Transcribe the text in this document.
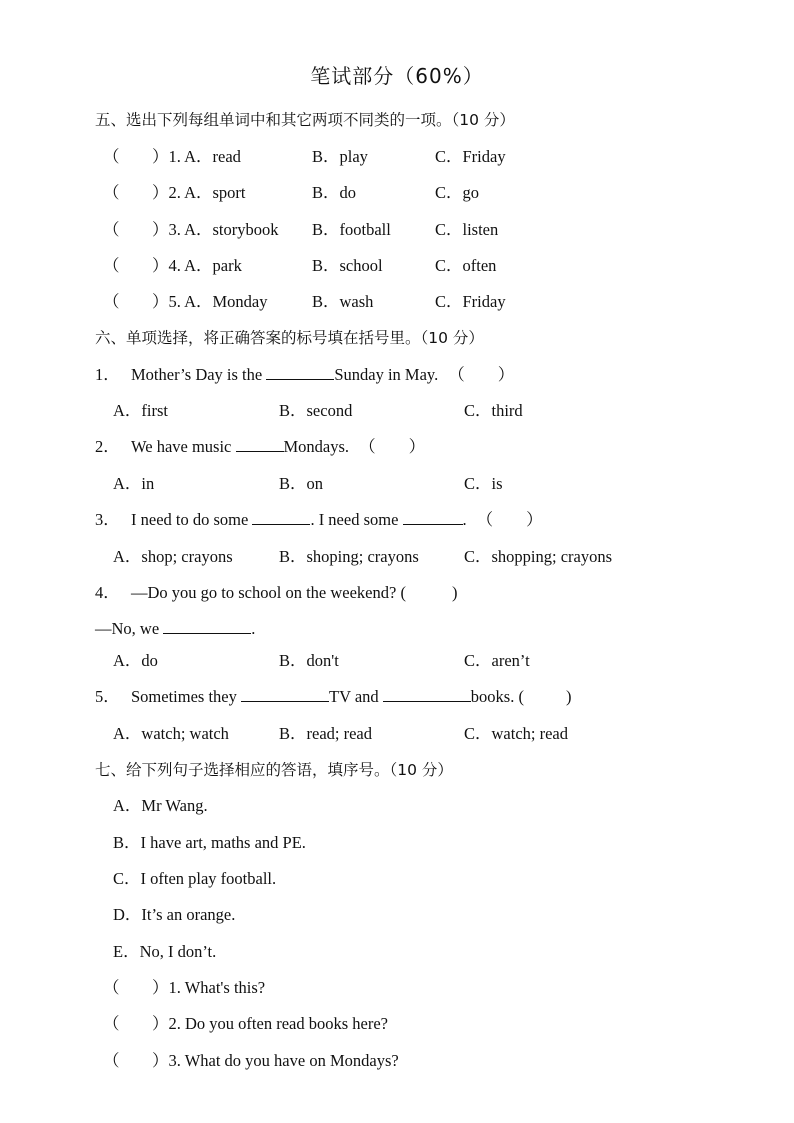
笔试部分（60%）
五、选出下列每组单词中和其它两项不同类的一项。（10 分）
（ ）1. A．read	B．play	C．Friday
（ ）2. A．sport	B．do	C．go
（ ）3. A．storybook B．football	C．listen
（ ）4. A．park	B．school	C．often
（ ）5. A．Monday	B．wash	C．Friday
六、单项选择，将正确答案的标号填在括号里。（10 分）
1． Mother’s Day is the	Sunday in May. （　　）
A．first	B．second	C．third
2． We have music	Mondays. （　　）
A．in	B．on	C．is
3． I need to do some	. I need some	. （　　）
A．shop; crayons	B．shoping; crayons	C．shopping; crayons
4． —Do you go to school on the weekend? (	)
—No, we	.
A．do	B．don't	C．aren’t
5． Sometimes they	TV and	books. (	)
A．watch; watch	B．read; read	C．watch; read
七、给下列句子选择相应的答语，填序号。（10 分）
A．Mr Wang.
B．I have art, maths and PE.
C．I often play football.
D．It’s an orange.
E．No, I don’t.
（ ）1. What's this?
（ ）2. Do you often read books here?
（ ）3. What do you have on Mondays?
